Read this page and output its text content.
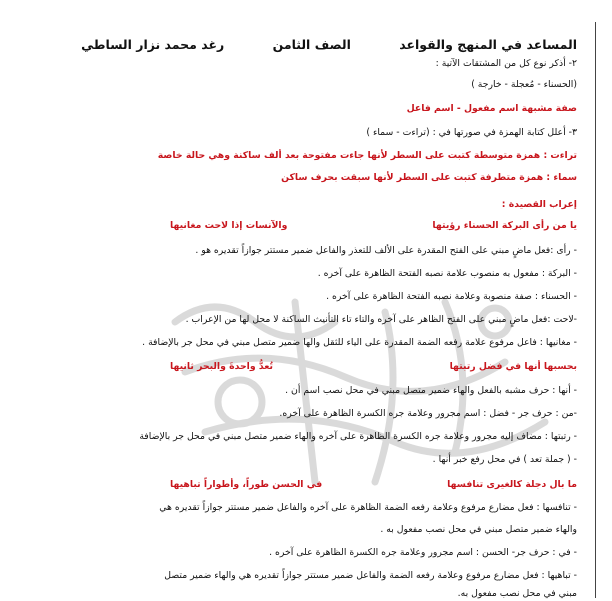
المساعد في المنهج والقواعد الصف الثامن رغد محمد نزار الساطي
٢- أذكر نوع كل من المشتقات الآتية :
(الحسناء - مُعجلة - خارجة )
صفة مشبهة اسم مفعول - اسم فاعل
٣- أعلل كتابة الهمزة في صورتها في : (تراءت - سماء )
تراءت : همزة متوسطة كتبت على السطر لأنها جاءت مفتوحة بعد ألف ساكنة وهي حالة خاصة
سماء : همزة متطرفة كتبت على السطر لأنها سبقت بحرف ساكن
إعراب القصيدة :
يا من رأى البركة الحسناء رؤيتها
والآنسات إذا لاحت مغانيها
- رأى :فعل ماضٍ مبني على الفتح المقدرة على الألف للتعذر والفاعل ضمير مستتر جوازاً تقديره هو .
- البركة : مفعول به منصوب علامة نصبه الفتحة الظاهرة على آخره .
- الحسناء : صفة منصوبة وعلامة نصبه الفتحة الظاهرة على آخره .
-لاحت :فعل ماضٍ مبني على الفتح الظاهر على آخره والتاء تاء التأنيث الساكنة لا محل لها من الإعراب .
- مغانيها : فاعل مرفوع علامة رفعه الضمة المقدرة على الياء للثقل والها ضمير متصل مبني في محل جر بالإضافة .
بحسبها أنها في فضل رتبتها
تُعدُّ واحدةَ والبحر ثانيها
- أنها : حرف مشبه بالفعل والهاء ضمير متصل مبني في محل نصب اسم أن .
-من : حرف جر - فضل : اسم مجرور وعلامة جره الكسرة الظاهرة على آخره.
- رتبتها : مضاف إليه مجرور وعلامة جره الكسرة الظاهرة على آخره والهاء ضمير متصل مبني في محل جر بالإضافة
- ( جملة تعد ) في محل رفع خبر أنها .
ما بال دجلة كالغيرى تنافسها
في الحسن طوراً، وأطواراً تباهيها
- تنافسها : فعل مضارع مرفوع وعلامة رفعه الضمة الظاهرة على آخره والفاعل ضمير مستتر جوازاً تقديره هي
والهاء ضمير متصل مبني في محل نصب مفعول به .
- في : حرف جر- الحسن : اسم مجرور وعلامة جره الكسرة الظاهرة على آخره .
- تباهيها : فعل مضارع مرفوع وعلامة رفعه الضمة والفاعل ضمير مستتر جوازاً تقديره هي والهاء ضمير متصل
مبني في محل نصب مفعول به.
